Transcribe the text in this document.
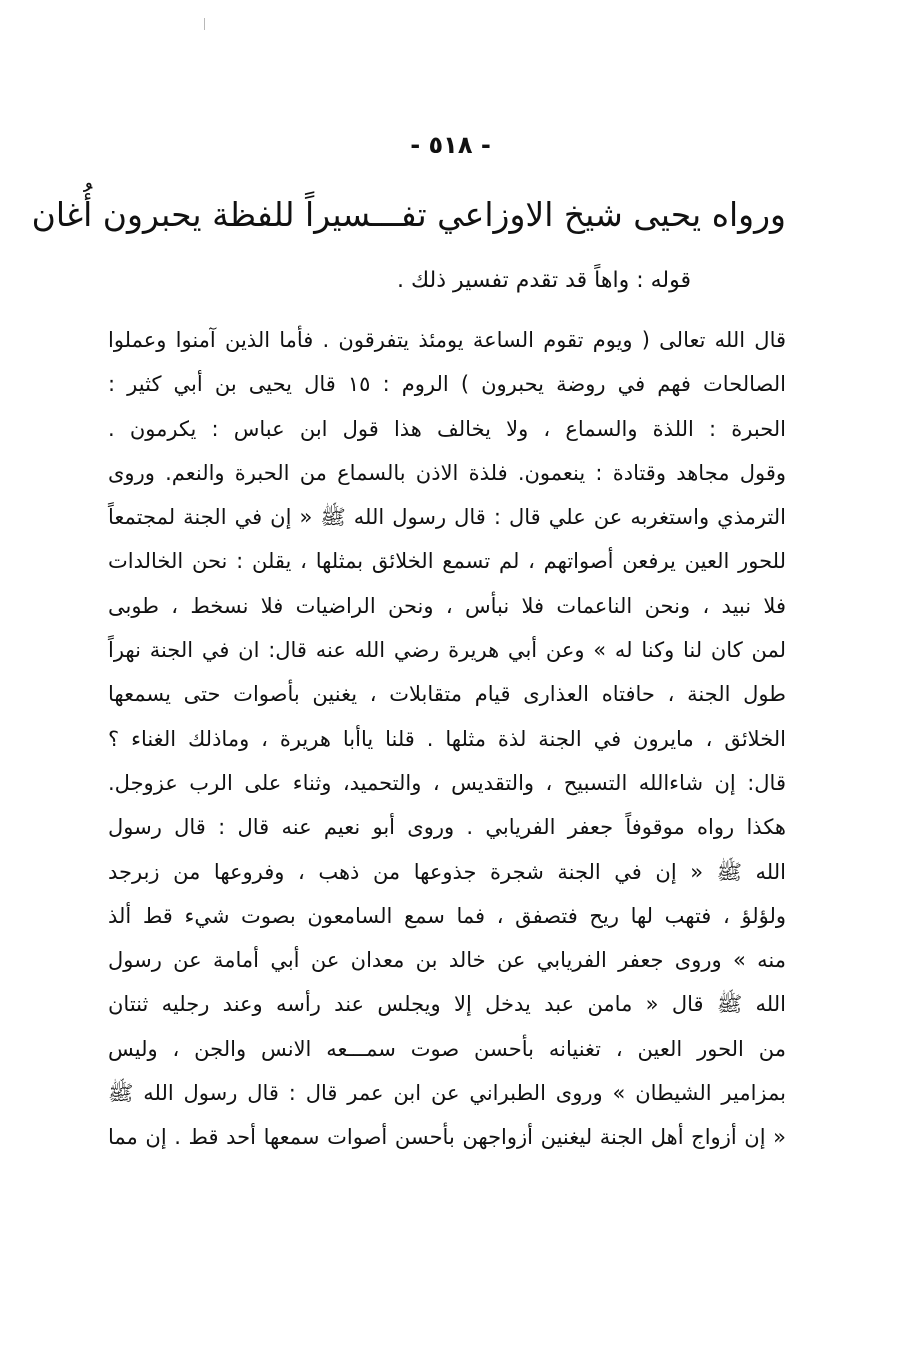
- ٥١٨ -
ورواه يحيى شيخ الاوزاعي تفـــسيراً للفظة يحبرون أُغان
قوله : واهاً قد تقدم تفسير ذلك .
قال الله تعالى ( ويوم تقوم الساعة يومئذ يتفرقون . فأما الذين آمنوا وعملوا
الصالحات فهم في روضة يحبرون ) الروم : ١٥ قال يحيى بن أبي كثير :
الحبرة : اللذة والسماع ، ولا يخالف هذا قول ابن عباس : يكرمون .
وقول مجاهد وقتادة : ينعمون. فلذة الاذن بالسماع من الحبرة والنعم. وروى
الترمذي واستغربه عن علي قال : قال رسول الله ﷺ « إن في الجنة لمجتمعاً
للحور العين يرفعن أصواتهم ، لم تسمع الخلائق بمثلها ، يقلن : نحن الخالدات
فلا نبيد ، ونحن الناعمات فلا نبأس ، ونحن الراضيات فلا نسخط ، طوبى
لمن كان لنا وكنا له » وعن أبي هريرة رضي الله عنه قال: ان في الجنة نهراً
طول الجنة ، حافتاه العذارى قيام متقابلات ، يغنين بأصوات حتى يسمعها
الخلائق ، مايرون في الجنة لذة مثلها . قلنا ياأبا هريرة ، وماذلك الغناء ؟
قال: إن شاءالله التسبيح ، والتقديس ، والتحميد، وثناء على الرب عزوجل.
هكذا رواه موقوفاً جعفر الفريابي . وروى أبو نعيم عنه قال : قال رسول
الله ﷺ « إن في الجنة شجرة جذوعها من ذهب ، وفروعها من زبرجد
ولؤلؤ ، فتهب لها ريح فتصفق ، فما سمع السامعون بصوت شيء قط ألذ
منه » وروى جعفر الفريابي عن خالد بن معدان عن أبي أمامة عن رسول
الله ﷺ قال « مامن عبد يدخل إلا ويجلس عند رأسه وعند رجليه ثنتان
من الحور العين ، تغنيانه بأحسن صوت سمـــعه الانس والجن ، وليس
بمزامير الشيطان » وروى الطبراني عن ابن عمر قال : قال رسول الله ﷺ
« إن أزواج أهل الجنة ليغنين أزواجهن بأحسن أصوات سمعها أحد قط . إن مما
